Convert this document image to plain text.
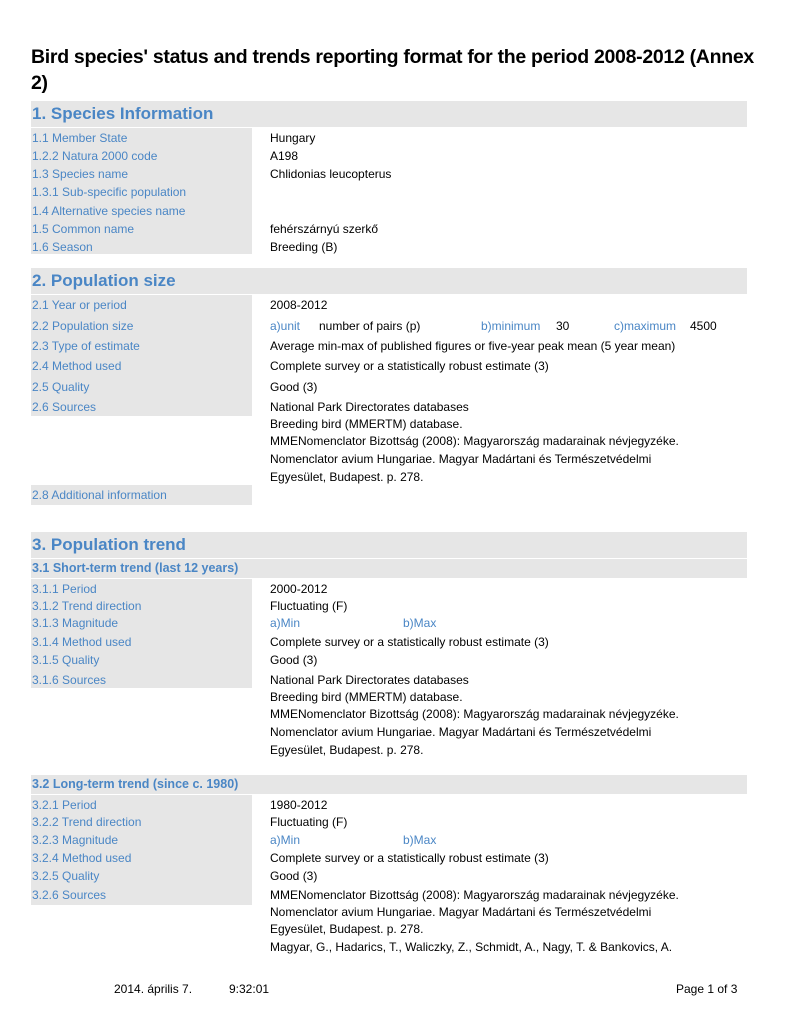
Bird species' status and trends reporting format for the period 2008-2012 (Annex 2)
1. Species Information
1.1 Member State	Hungary
1.2.2 Natura 2000 code	A198
1.3 Species name	Chlidonias leucopterus
1.3.1 Sub-specific population
1.4 Alternative species name
1.5 Common name	fehérszárnyú szerkő
1.6 Season	Breeding (B)
2. Population size
2.1 Year or period	2008-2012
2.2 Population size	a)unit number of pairs (p)	b)minimum 30	c)maximum 4500
2.3 Type of estimate	Average min-max of published figures or five-year peak mean (5 year mean)
2.4 Method used	Complete survey or a statistically robust estimate (3)
2.5 Quality	Good (3)
2.6 Sources	National Park Directorates databases
Breeding bird (MMERTM) database.
MMENomenclator Bizottság (2008): Magyarország madarainak névjegyzéke.
Nomenclator avium Hungariae. Magyar Madártani és Természetvédelmi
Egyesület, Budapest. p. 278.
2.8 Additional information
3. Population trend
3.1 Short-term trend (last 12 years)
3.1.1 Period	2000-2012
3.1.2 Trend direction	Fluctuating (F)
3.1.3 Magnitude	a)Min	b)Max
3.1.4 Method used	Complete survey or a statistically robust estimate (3)
3.1.5 Quality	Good (3)
3.1.6 Sources	National Park Directorates databases
Breeding bird (MMERTM) database.
MMENomenclator Bizottság (2008): Magyarország madarainak névjegyzéke.
Nomenclator avium Hungariae. Magyar Madártani és Természetvédelmi
Egyesület, Budapest. p. 278.
3.2 Long-term trend (since c. 1980)
3.2.1 Period	1980-2012
3.2.2 Trend direction	Fluctuating (F)
3.2.3 Magnitude	a)Min	b)Max
3.2.4 Method used	Complete survey or a statistically robust estimate (3)
3.2.5 Quality	Good (3)
3.2.6 Sources	MMENomenclator Bizottság (2008): Magyarország madarainak névjegyzéke.
Nomenclator avium Hungariae. Magyar Madártani és Természetvédelmi
Egyesület, Budapest. p. 278.
Magyar, G., Hadarics, T., Waliczky, Z., Schmidt, A., Nagy, T. & Bankovics, A.
2014. április 7.	9:32:01	Page 1 of 3
